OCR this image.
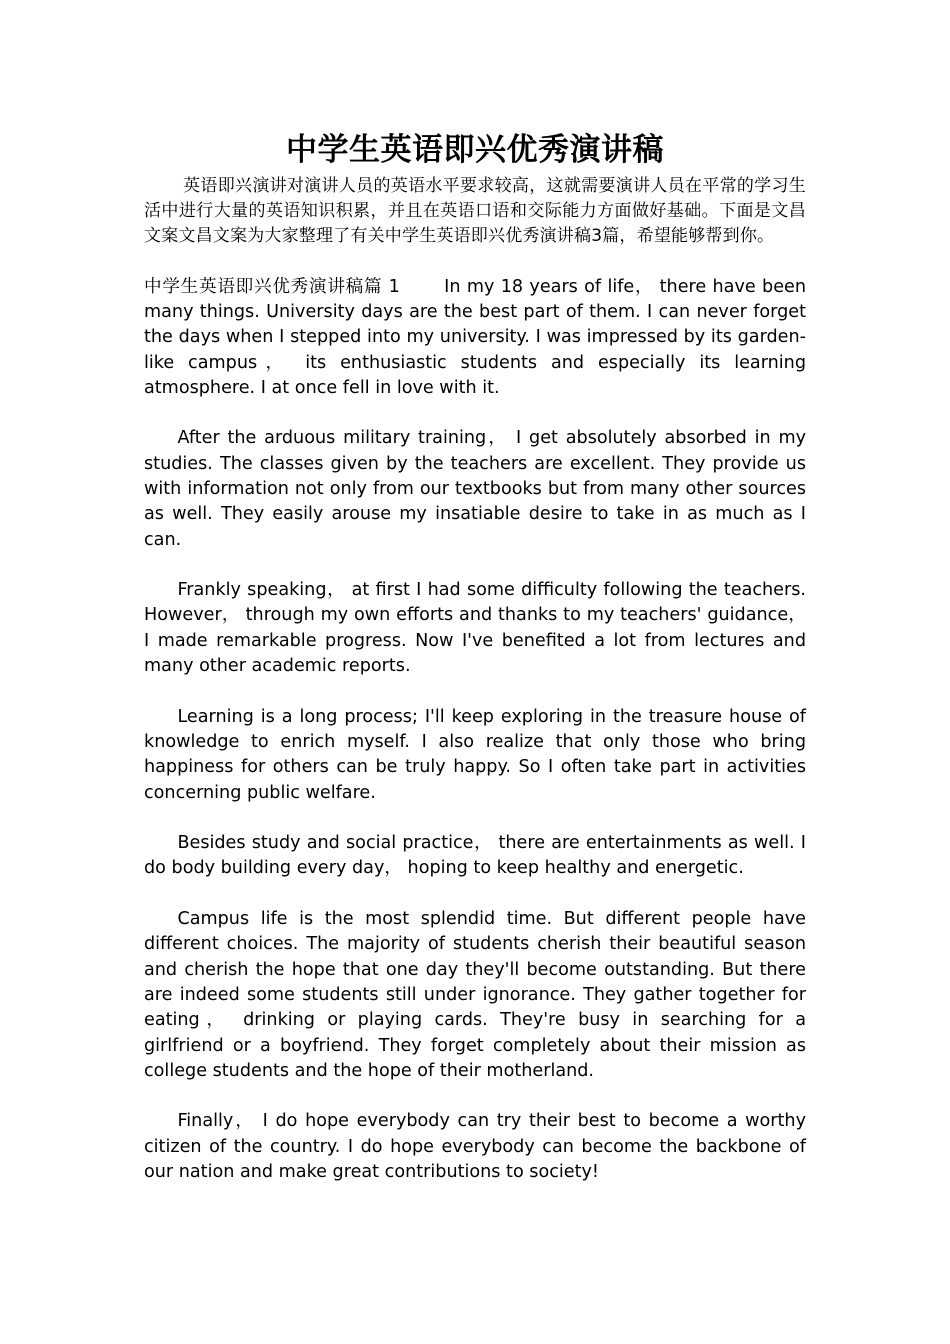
中学生英语即兴优秀演讲稿

英语即兴演讲对演讲人员的英语水平要求较高，这就需要演讲人员在平常的学习生活中进行大量的英语知识积累，并且在英语口语和交际能力方面做好基础。下面是文昌文案文昌文案为大家整理了有关中学生英语即兴优秀演讲稿3篇，希望能够帮到你。

中学生英语即兴优秀演讲稿篇 1	In my 18 years of life， there have been many things. University days are the best part of them. I can never forget the days when I stepped into my university. I was impressed by its garden-like campus， its enthusiastic students and especially its learning atmosphere. I at once fell in love with it.

After the arduous military training， I get absolutely absorbed in my studies. The classes given by the teachers are excellent. They provide us with information not only from our textbooks but from many other sources as well. They easily arouse my insatiable desire to take in as much as I can.

Frankly speaking， at first I had some difficulty following the teachers. However， through my own efforts and thanks to my teachers' guidance， I made remarkable progress. Now I've benefited a lot from lectures and many other academic reports.

Learning is a long process; I'll keep exploring in the treasure house of knowledge to enrich myself. I also realize that only those who bring happiness for others can be truly happy. So I often take part in activities concerning public welfare.

Besides study and social practice， there are entertainments as well. I do body building every day， hoping to keep healthy and energetic.

Campus life is the most splendid time. But different people have different choices. The majority of students cherish their beautiful season and cherish the hope that one day they'll become outstanding. But there are indeed some students still under ignorance. They gather together for eating， drinking or playing cards. They're busy in searching for a girlfriend or a boyfriend. They forget completely about their mission as college students and the hope of their motherland.

Finally， I do hope everybody can try their best to become a worthy citizen of the country. I do hope everybody can become the backbone of our nation and make great contributions to society!
